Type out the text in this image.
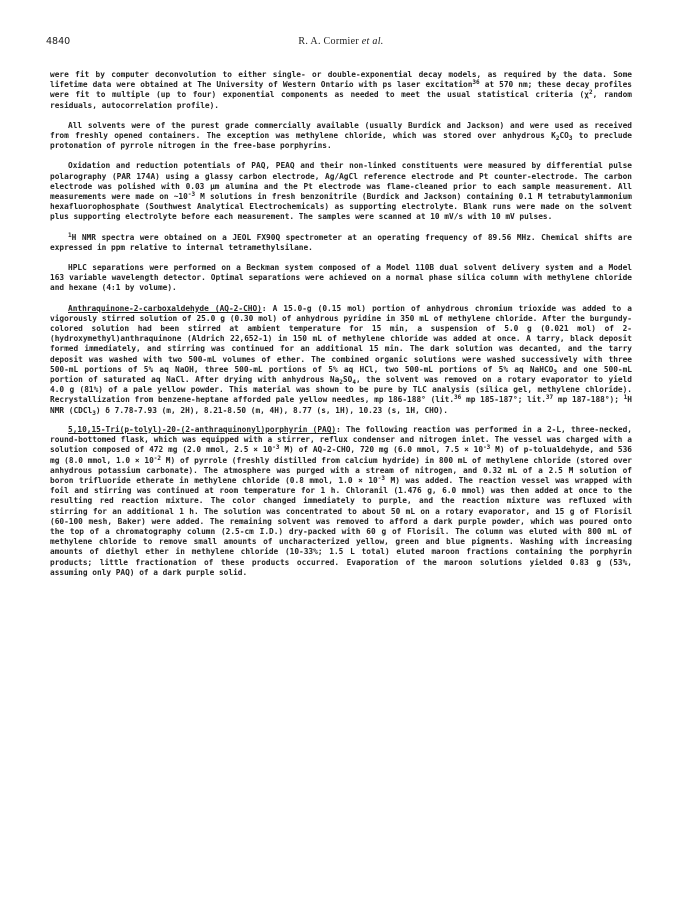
4840	R. A. Cormier et al.

were fit by computer deconvolution to either single- or double-exponential decay models, as required by the data. Some lifetime data were obtained at The University of Western Ontario with ps laser excitation$^{36}$ at 570 nm; these decay profiles were fit to multiple (up to four) exponential components as needed to meet the usual statistical criteria ($\chi^2$, random residuals, autocorrelation profile).

All solvents were of the purest grade commercially available (usually Burdick and Jackson) and were used as received from freshly opened containers. The exception was methylene chloride, which was stored over anhydrous $K_2CO_3$ to preclude protonation of pyrrole nitrogen in the free-base porphyrins.

Oxidation and reduction potentials of PAQ, PEAQ and their non-linked constituents were measured by differential pulse polarography (PAR 174A) using a glassy carbon electrode, Ag/AgCl reference electrode and Pt counter-electrode. The carbon electrode was polished with 0.03 µm alumina and the Pt electrode was flame-cleaned prior to each sample measurement. All measurements were made on $\sim 10^{-3}$ M solutions in fresh benzonitrile (Burdick and Jackson) containing 0.1 M tetrabutylammonium hexafluorophosphate (Southwest Analytical Electrochemicals) as supporting electrolyte. Blank runs were made on the solvent plus supporting electrolyte before each measurement. The samples were scanned at 10 mV/s with 10 mV pulses.

$^1$H NMR spectra were obtained on a JEOL FX90Q spectrometer at an operating frequency of 89.56 MHz. Chemical shifts are expressed in ppm relative to internal tetramethylsilane.

HPLC separations were performed on a Beckman system composed of a Model 110B dual solvent delivery system and a Model 163 variable wavelength detector. Optimal separations were achieved on a normal phase silica column with methylene chloride and hexane (4:1 by volume).

Anthraquinone-2-carboxaldehyde (AQ-2-CHO): A 15.0-g (0.15 mol) portion of anhydrous chromium trioxide was added to a vigorously stirred solution of 25.0 g (0.30 mol) of anhydrous pyridine in 350 mL of methylene chloride. After the burgundy-colored solution had been stirred at ambient temperature for 15 min, a suspension of 5.0 g (0.021 mol) of 2-(hydroxymethyl)anthraquinone (Aldrich 22,652-1) in 150 mL of methylene chloride was added at once. A tarry, black deposit formed immediately, and stirring was continued for an additional 15 min. The dark solution was decanted, and the tarry deposit was washed with two 500-mL volumes of ether. The combined organic solutions were washed successively with three 500-mL portions of 5% aq NaOH, three 500-mL portions of 5% aq HCl, two 500-mL portions of 5% aq NaHCO$_3$ and one 500-mL portion of saturated aq NaCl. After drying with anhydrous $Na_2SO_4$, the solvent was removed on a rotary evaporator to yield 4.0 g (81%) of a pale yellow powder. This material was shown to be pure by TLC analysis (silica gel, methylene chloride). Recrystallization from benzene-heptane afforded pale yellow needles, mp 186-188° (lit.$^{36}$ mp 185-187°; lit.$^{37}$ mp 187-188°); $^1$H NMR (CDCl$_3$) δ 7.78-7.93 (m, 2H), 8.21-8.50 (m, 4H), 8.77 (s, 1H), 10.23 (s, 1H, CHO).

5,10,15-Tri(p-tolyl)-20-(2-anthraquinonyl)porphyrin (PAQ): The following reaction was performed in a 2-L, three-necked, round-bottomed flask, which was equipped with a stirrer, reflux condenser and nitrogen inlet. The vessel was charged with a solution composed of 472 mg (2.0 mmol, $2.5 \times 10^{-3}$ M) of AQ-2-CHO, 720 mg (6.0 mmol, $7.5 \times 10^{-3}$ M) of p-tolualdehyde, and 536 mg (8.0 mmol, $1.0 \times 10^{-2}$ M) of pyrrole (freshly distilled from calcium hydride) in 800 mL of methylene chloride (stored over anhydrous potassium carbonate). The atmosphere was purged with a stream of nitrogen, and 0.32 mL of a 2.5 M solution of boron trifluoride etherate in methylene chloride (0.8 mmol, $1.0 \times 10^{-3}$ M) was added. The reaction vessel was wrapped with foil and stirring was continued at room temperature for 1 h. Chloranil (1.476 g, 6.0 mmol) was then added at once to the resulting red reaction mixture. The color changed immediately to purple, and the reaction mixture was refluxed with stirring for an additional 1 h. The solution was concentrated to about 50 mL on a rotary evaporator, and 15 g of Florisil (60-100 mesh, Baker) were added. The remaining solvent was removed to afford a dark purple powder, which was poured onto the top of a chromatography column (2.5-cm I.D.) dry-packed with 60 g of Florisil. The column was eluted with 800 mL of methylene chloride to remove small amounts of uncharacterized yellow, green and blue pigments. Washing with increasing amounts of diethyl ether in methylene chloride (10-33%; 1.5 L total) eluted maroon fractions containing the porphyrin products; little fractionation of these products occurred. Evaporation of the maroon solutions yielded 0.83 g (53%, assuming only PAQ) of a dark purple solid.
